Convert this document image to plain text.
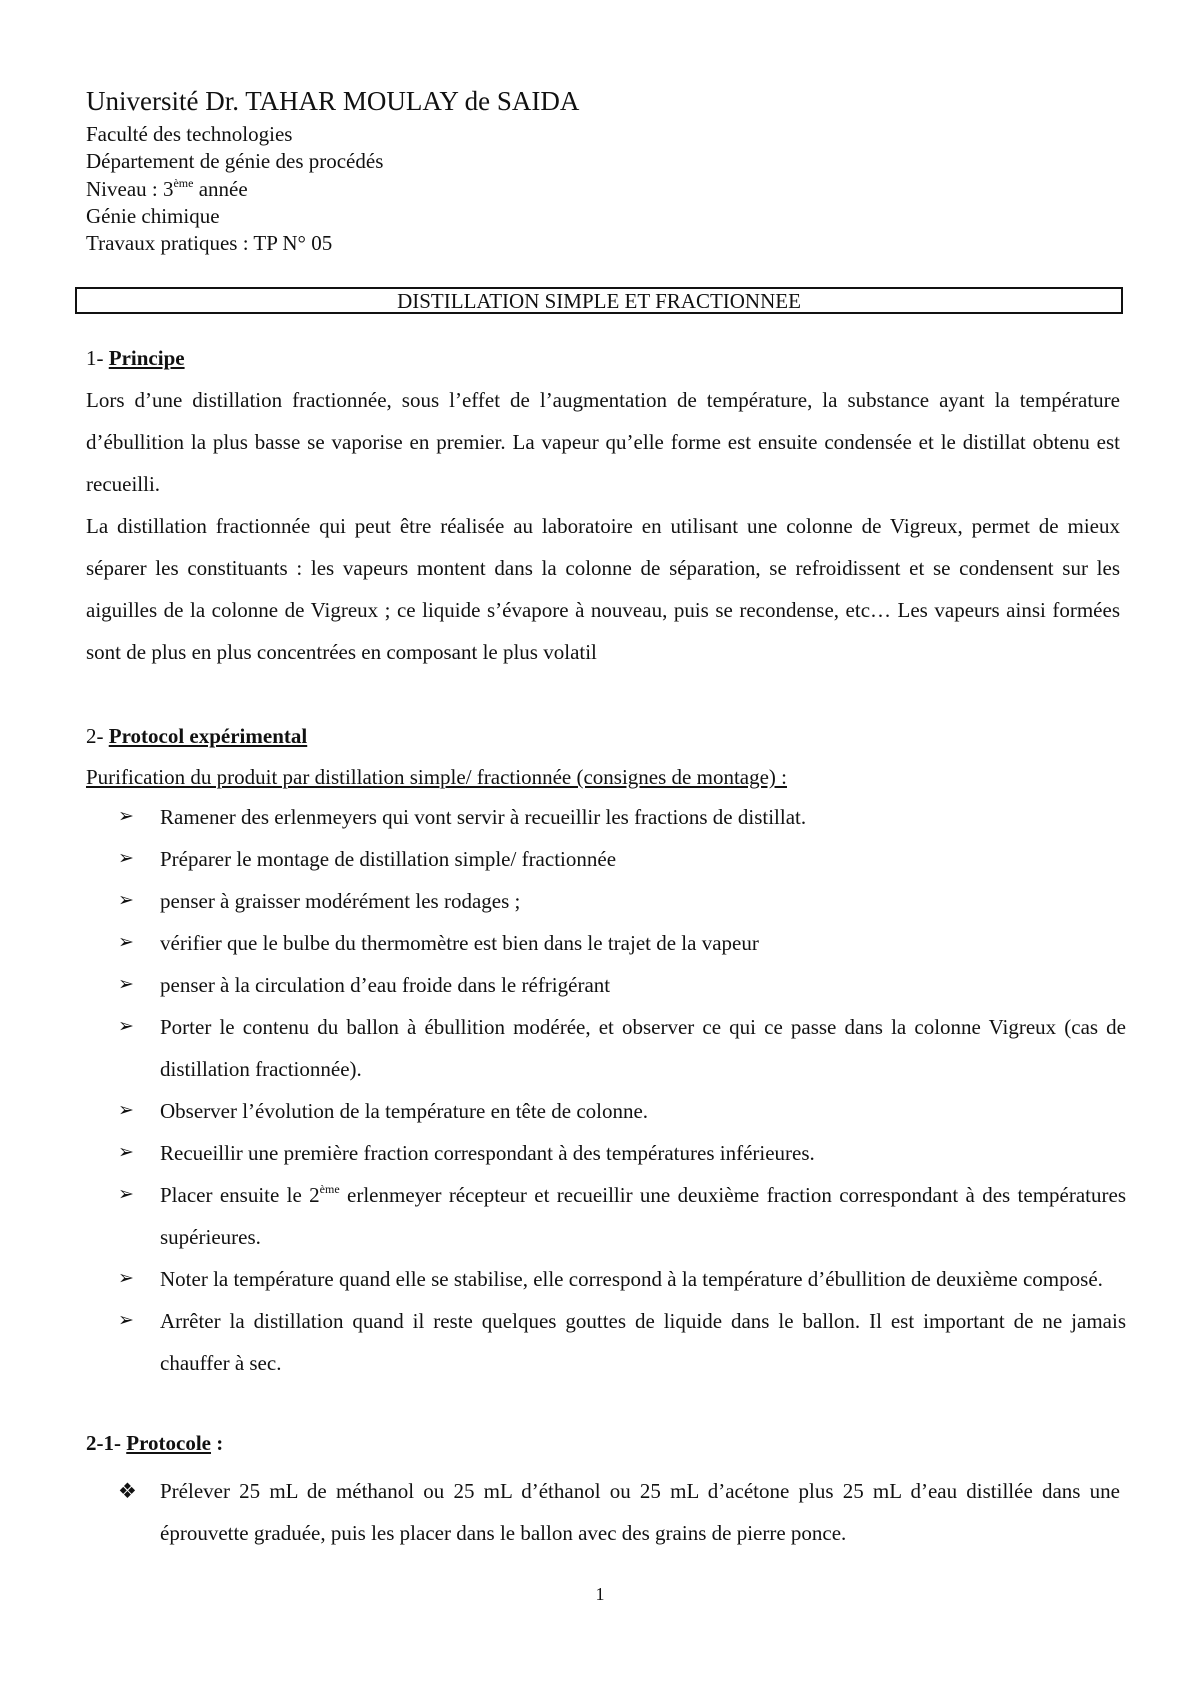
Université Dr. TAHAR MOULAY de SAIDA
Faculté des technologies
Département de génie des procédés
Niveau : 3ème année
Génie chimique
Travaux pratiques : TP N° 05
DISTILLATION SIMPLE ET FRACTIONNEE
1- Principe
Lors d’une distillation fractionnée, sous l’effet de l’augmentation de température, la substance ayant la température d’ébullition la plus basse se vaporise en premier. La vapeur qu’elle forme est ensuite condensée et le distillat obtenu est recueilli.
La distillation fractionnée qui peut être réalisée au laboratoire en utilisant une colonne de Vigreux, permet de mieux séparer les constituants : les vapeurs montent dans la colonne de séparation, se refroidissent et se condensent sur les aiguilles de la colonne de Vigreux ; ce liquide s’évapore à nouveau, puis se recondense, etc… Les vapeurs ainsi formées sont de plus en plus concentrées en composant le plus volatil
2- Protocol expérimental
Purification du produit par distillation simple/ fractionnée (consignes de montage) :
➢ Ramener des erlenmeyers qui vont servir à recueillir les fractions de distillat.
➢ Préparer le montage de distillation simple/ fractionnée
➢ penser à graisser modérément les rodages ;
➢ vérifier que le bulbe du thermomètre est bien dans le trajet de la vapeur
➢ penser à la circulation d’eau froide dans le réfrigérant
➢ Porter le contenu du ballon à ébullition modérée, et observer ce qui ce passe dans la colonne Vigreux (cas de distillation fractionnée).
➢ Observer l’évolution de la température en tête de colonne.
➢ Recueillir une première fraction correspondant à des températures inférieures.
➢ Placer ensuite le 2ème erlenmeyer récepteur et recueillir une deuxième fraction correspondant à des températures supérieures.
➢ Noter la température quand elle se stabilise, elle correspond à la température d’ébullition de deuxième composé.
➢ Arrêter la distillation quand il reste quelques gouttes de liquide dans le ballon. Il est important de ne jamais chauffer à sec.
2-1- Protocole :
❖ Prélever 25 mL de méthanol ou 25 mL d’éthanol ou 25 mL d’acétone plus 25 mL d’eau distillée dans une éprouvette graduée, puis les placer dans le ballon avec des grains de pierre ponce.
1
